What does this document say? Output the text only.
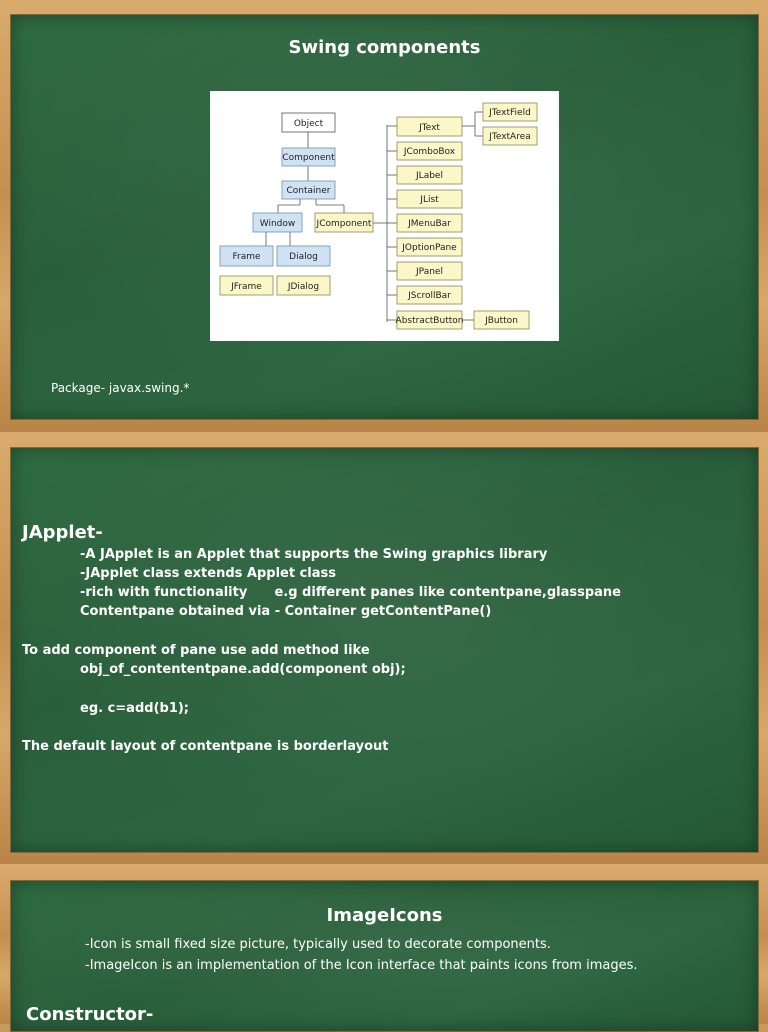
Swing components
Object
Component
Container
Window JComponent
Frame	Dialog
JFrame	JDialog
JText
JTextField
JTextArea
JComboBox
JLabel
JList
JMenuBar
JOptionPane
JPanel
JScrollBar
AbstractButton JButton
Package- javax.swing.*
JApplet-
-A JApplet is an Applet that supports the Swing graphics library
-JApplet class extends Applet class
-rich with functionality      e.g different panes like contentpane,glasspane
Contentpane obtained via - Container getContentPane()
To add component of pane use add method like
obj_of_contententpane.add(component obj);
eg. c=add(b1);
The default layout of contentpane is borderlayout
ImageIcons
-Icon is small fixed size picture, typically used to decorate components.
-ImageIcon is an implementation of the Icon interface that paints icons from images.
Constructor-
